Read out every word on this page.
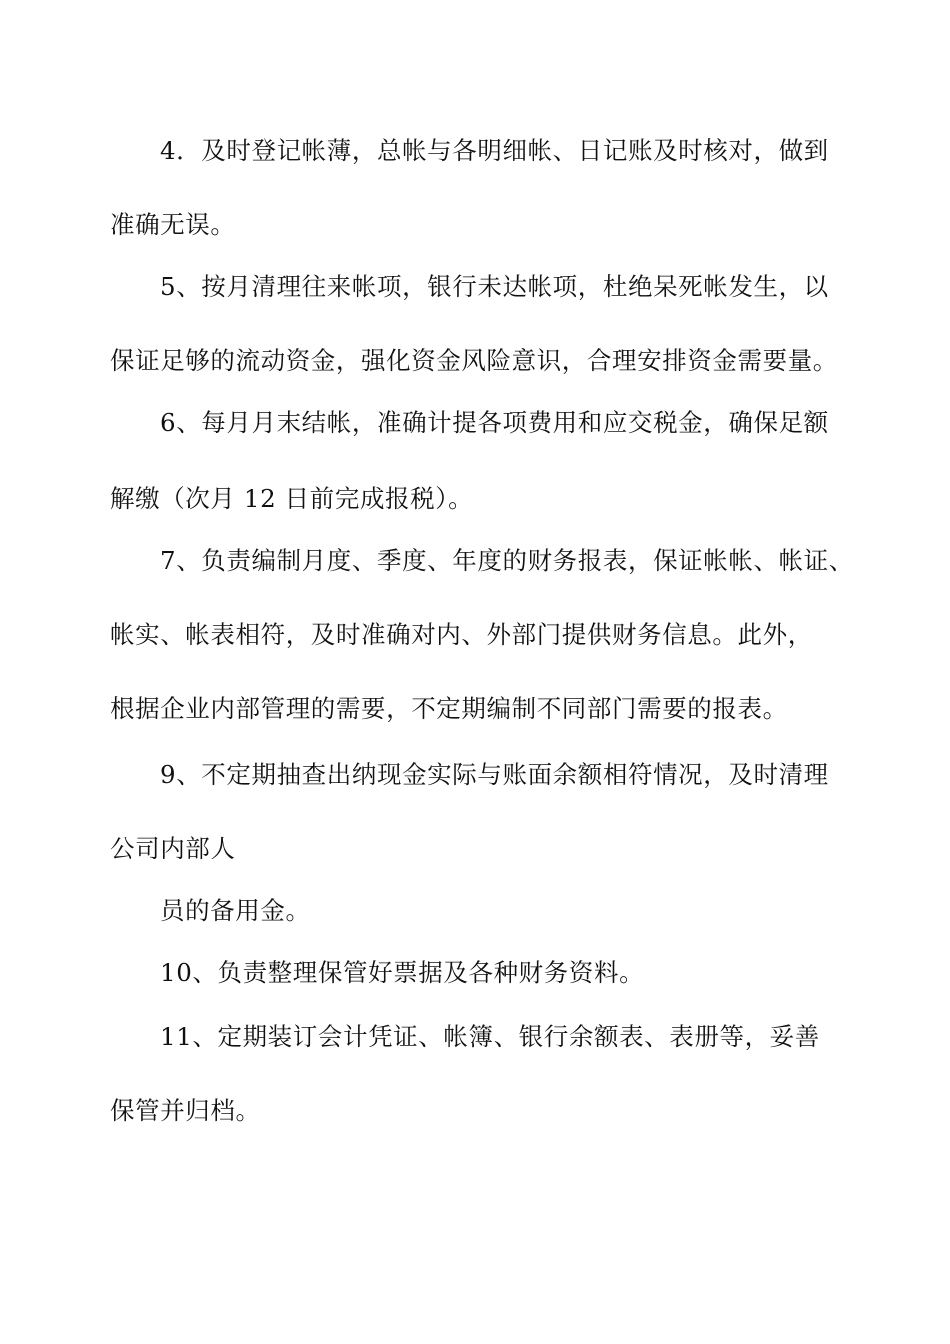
4．及时登记帐薄，总帐与各明细帐、日记账及时核对，做到
准确无误。
5、按月清理往来帐项，银行未达帐项，杜绝呆死帐发生，以
保证足够的流动资金，强化资金风险意识，合理安排资金需要量。
6、每月月末结帐，准确计提各项费用和应交税金，确保足额
解缴（次月 12 日前完成报税）。
7、负责编制月度、季度、年度的财务报表，保证帐帐、帐证、
帐实、帐表相符，及时准确对内、外部门提供财务信息。此外，
根据企业内部管理的需要，不定期编制不同部门需要的报表。
9、不定期抽查出纳现金实际与账面余额相符情况，及时清理
公司内部人
员的备用金。
10、负责整理保管好票据及各种财务资料。
11、定期装订会计凭证、帐簿、银行余额表、表册等，妥善
保管并归档。
